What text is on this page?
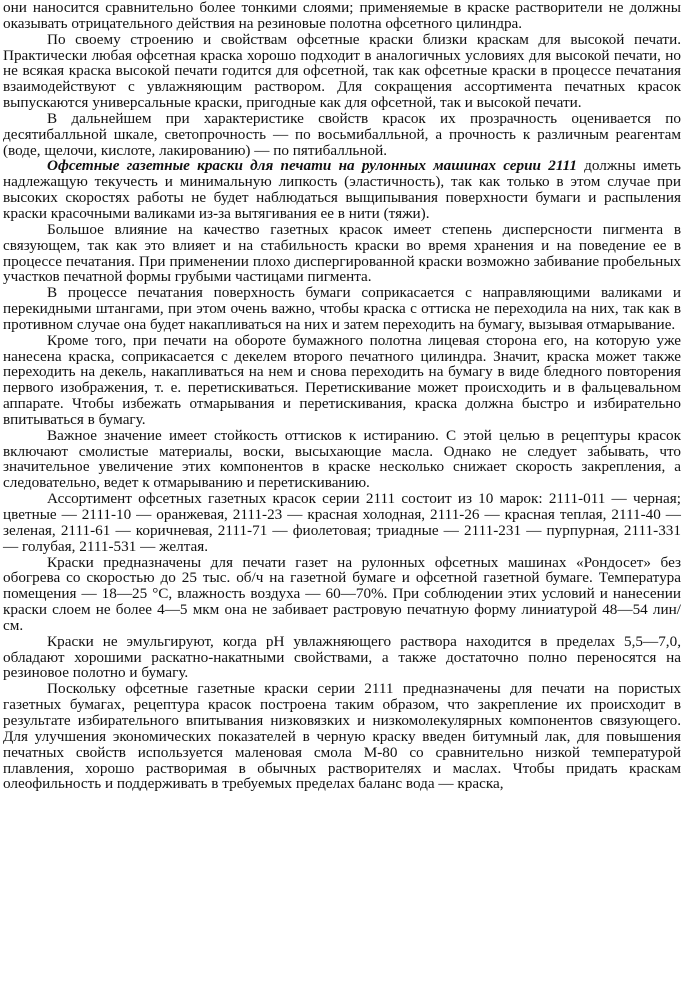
они наносится сравнительно более тонкими слоями; применяемые в краске растворители не должны оказывать отрицательного действия на резиновые полотна офсетного цилиндра.

По своему строению и свойствам офсетные краски близки краскам для высокой печати. Практически любая офсетная краска хорошо подходит в аналогичных условиях для высокой печати, но не всякая краска высокой печати годится для офсетной, так как офсетные краски в процессе печатания взаимодействуют с увлажняющим раствором. Для сокращения ассортимента печатных красок выпускаются универсальные краски, пригодные как для офсетной, так и высокой печати.

В дальнейшем при характеристике свойств красок их прозрачность оценивается по десятибалльной шкале, светопрочность — по восьмибалльной, а прочность к различным реагентам (воде, щелочи, кислоте, лакированию) — по пятибалльной.

Офсетные газетные краски для печати на рулонных машинах серии 2111 должны иметь надлежащую текучесть и минимальную липкость (эластичность), так как только в этом случае при высоких скоростях работы не будет наблюдаться выщипывания поверхности бумаги и распыления краски красочными валиками из-за вытягивания ее в нити (тяжи).

Большое влияние на качество газетных красок имеет степень дисперсности пигмента в связующем, так как это влияет и на стабильность краски во время хранения и на поведение ее в процессе печатания. При применении плохо диспергированной краски возможно забивание пробельных участков печатной формы грубыми частицами пигмента.

В процессе печатания поверхность бумаги соприкасается с направляющими валиками и перекидными штангами, при этом очень важно, чтобы краска с оттиска не переходила на них, так как в противном случае она будет накапливаться на них и затем переходить на бумагу, вызывая отмарывание.

Кроме того, при печати на обороте бумажного полотна лицевая сторона его, на которую уже нанесена краска, соприкасается с декелем второго печатного цилиндра. Значит, краска может также переходить на декель, накапливаться на нем и снова переходить на бумагу в виде бледного повторения первого изображения, т. е. перетискиваться. Перетискивание может происходить и в фальцевальном аппарате. Чтобы избежать отмарывания и перетискивания, краска должна быстро и избирательно впитываться в бумагу.

Важное значение имеет стойкость оттисков к истиранию. С этой целью в рецептуры красок включают смолистые материалы, воски, высыхающие масла. Однако не следует забывать, что значительное увеличение этих компонентов в краске несколько снижает скорость закрепления, а следовательно, ведет к отмарыванию и перетискиванию.

Ассортимент офсетных газетных красок серии 2111 состоит из 10 марок: 2111-011 — черная; цветные — 2111-10 — оранжевая, 2111-23 — красная холодная, 2111-26 — красная теплая, 2111-40 — зеленая, 2111-61 — коричневая, 2111-71 — фиолетовая; триадные — 2111-231 — пурпурная, 2111-331 — голубая, 2111-531 — желтая.

Краски предназначены для печати газет на рулонных офсетных машинах «Рондосет» без обогрева со скоростью до 25 тыс. об/ч на газетной бумаге и офсетной газетной бумаге. Температура помещения — 18—25 °С, влажность воздуха — 60—70%. При соблюдении этих условий и нанесении краски слоем не более 4—5 мкм она не забивает растровую печатную форму линиатурой 48—54 лин/см.

Краски не эмульгируют, когда pH увлажняющего раствора находится в пределах 5,5—7,0, обладают хорошими раскатно-накатными свойствами, а также достаточно полно переносятся на резиновое полотно и бумагу.

Поскольку офсетные газетные краски серии 2111 предназначены для печати на пористых газетных бумагах, рецептура красок построена таким образом, что закрепление их происходит в результате избирательного впитывания низковязких и низкомолекулярных компонентов связующего. Для улучшения экономических показателей в черную краску введен битумный лак, для повышения печатных свойств используется маленовая смола М-80 со сравнительно низкой температурой плавления, хорошо растворимая в обычных растворителях и маслах. Чтобы придать краскам олеофильность и поддерживать в требуемых пределах баланс вода — краска,
